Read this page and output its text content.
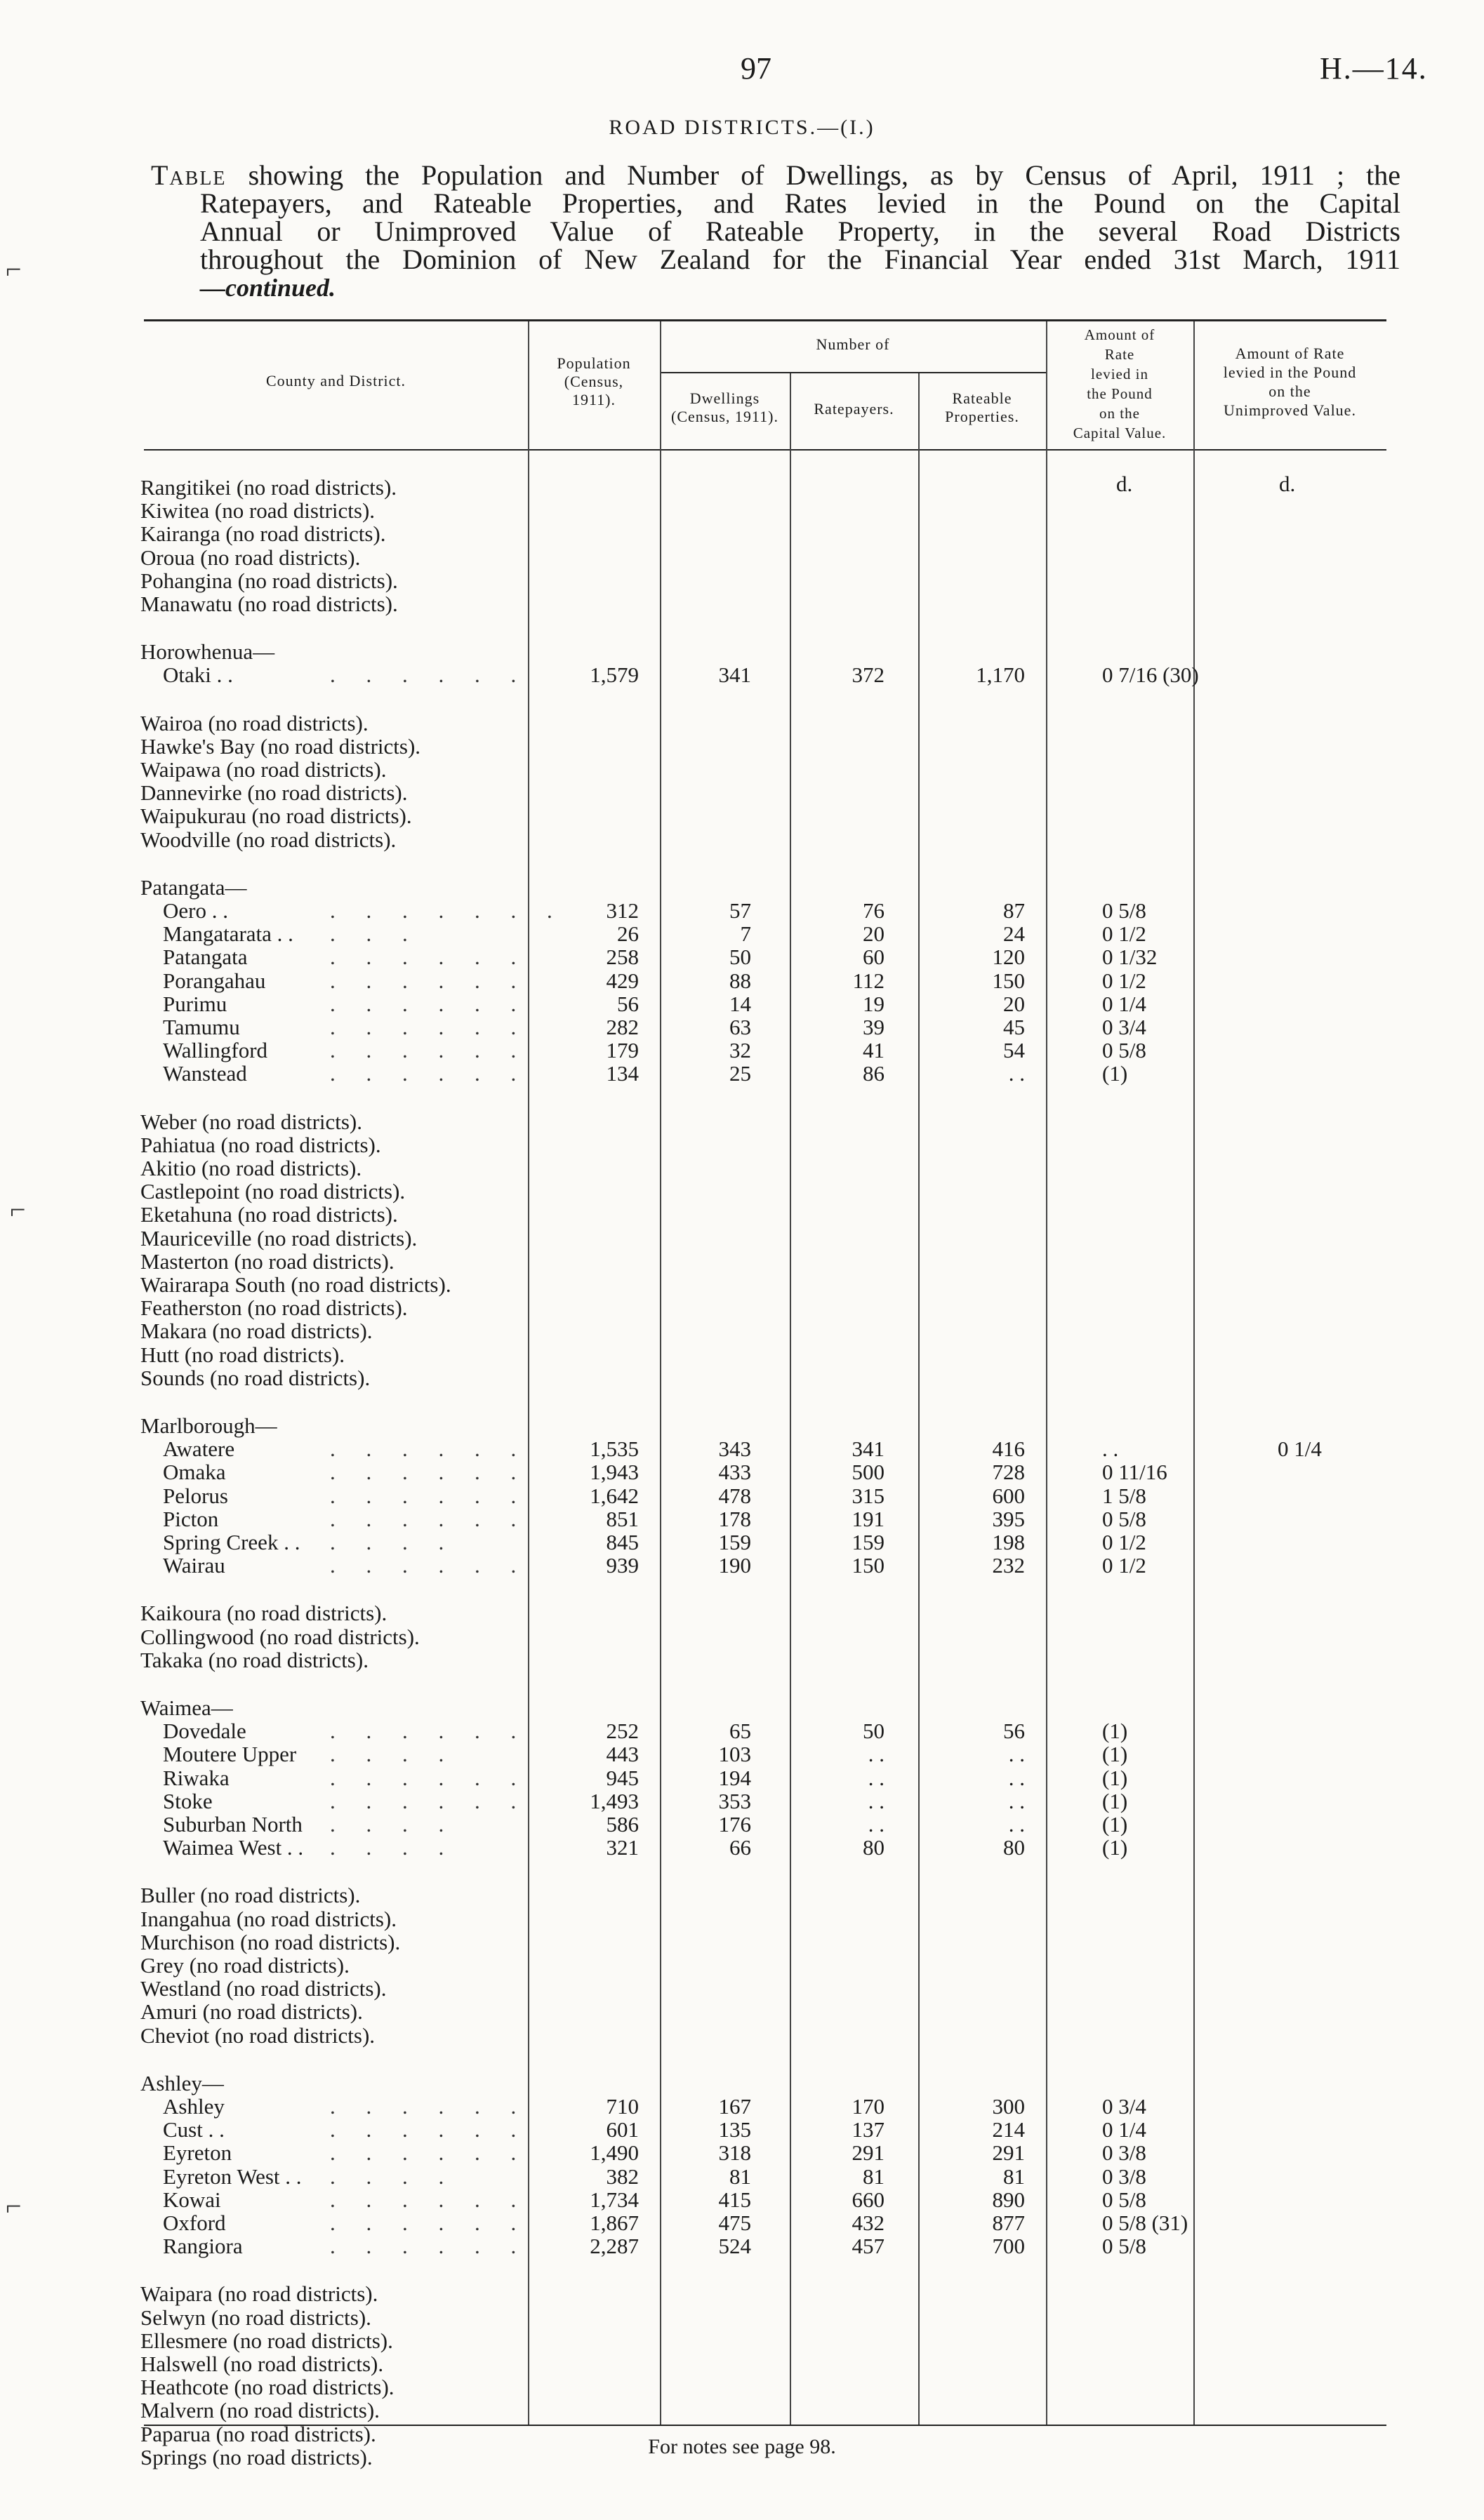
97	H.—14.
ROAD DISTRICTS.—(I.)
Table showing the Population and Number of Dwellings, as by Census of April, 1911 ; the
Ratepayers, and Rateable Properties, and Rates levied in the Pound on the Capital
Annual or Unimproved Value of Rateable Property, in the several Road Districts
throughout the Dominion of New Zealand for the Financial Year ended 31st March, 1911
—continued.
County and District.
Population
(Census,
1911).
Number of
Dwellings
(Census, 1911).	Ratepayers.
Rateable
Properties.
Amount of
Rate
levied in
the Pound
on the
Capital Value.
Amount of Rate
levied in the Pound
on the
Unimproved Value.
d.	d.
Rangitikei (no road districts).
Kiwitea (no road districts).
Kairanga (no road districts).
Oroua (no road districts).
Pohangina (no road districts).
Manawatu (no road districts).
Horowhenua—
Otaki . .	. . . . . .	1,579	341	372	1,170	0 7/16 (30)
Wairoa (no road districts).
Hawke's Bay (no road districts).
Waipawa (no road districts).
Dannevirke (no road districts).
Waipukurau (no road districts).
Woodville (no road districts).
Patangata—
Oero . .	. . . . . . .	312	57	76	87	0 5/8
Mangatarata . . . . .	26	7	20	24	0 1/2
Patangata	. . . . . .	258	50	60	120	0 1/32
Porangahau	. . . . . .	429	88	112	150	0 1/2
Purimu	. . . . . .	56	14	19	20	0 1/4
Tamumu	. . . . . .	282	63	39	45	0 3/4
Wallingford	. . . . . .	179	32	41	54	0 5/8
Wanstead	. . . . . .	134	25	86	. .	(1)
Weber (no road districts).
Pahiatua (no road districts).
Akitio (no road districts).
Castlepoint (no road districts).
Eketahuna (no road districts).
Mauriceville (no road districts).
Masterton (no road districts).
Wairarapa South (no road districts).
Featherston (no road districts).
Makara (no road districts).
Hutt (no road districts).
Sounds (no road districts).
Marlborough—
Awatere	. . . . . .	1,535	343	341	416	. .	0 1/4
Omaka	. . . . . .	1,943	433	500	728	0 11/16
Pelorus	. . . . . .	1,642	478	315	600	1 5/8
Picton	. . . . . .	851	178	191	395	0 5/8
Spring Creek . . . . . .	845	159	159	198	0 1/2
Wairau	. . . . . .	939	190	150	232	0 1/2
Kaikoura (no road districts).
Collingwood (no road districts).
Takaka (no road districts).
Waimea—
Dovedale	. . . . . .	252	65	50	56	(1)
Moutere Upper . . . .	443	103	. .	. .	(1)
Riwaka	. . . . . .	945	194	. .	. .	(1)
Stoke	. . . . . .	1,493	353	. .	. .	(1)
Suburban North . . . .	586	176	. .	. .	(1)
Waimea West . . . . . .	321	66	80	80	(1)
Buller (no road districts).
Inangahua (no road districts).
Murchison (no road districts).
Grey (no road districts).
Westland (no road districts).
Amuri (no road districts).
Cheviot (no road districts).
Ashley—
Ashley	. . . . . .	710	167	170	300	0 3/4
Cust . .	. . . . . .	601	135	137	214	0 1/4
Eyreton	. . . . . .	1,490	318	291	291	0 3/8
Eyreton West . . . . . .	382	81	81	81	0 3/8
Kowai	. . . . . .	1,734	415	660	890	0 5/8
Oxford	. . . . . .	1,867	475	432	877	0 5/8 (31)
Rangiora	. . . . . .	2,287	524	457	700	0 5/8
Waipara (no road districts).
Selwyn (no road districts).
Ellesmere (no road districts).
Halswell (no road districts).
Heathcote (no road districts).
Malvern (no road districts).
Paparua (no road districts).
Springs (no road districts).	For notes see page 98.
⌐
⌐
⌐
